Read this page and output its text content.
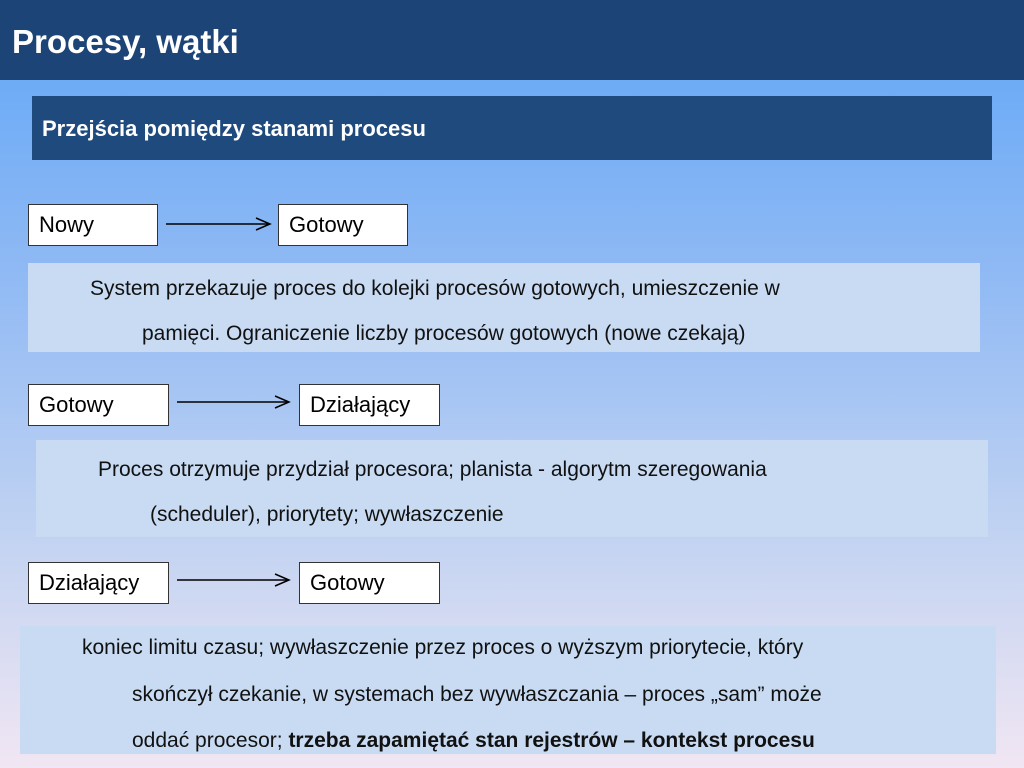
Procesy, wątki
Przejścia pomiędzy stanami procesu
Nowy	Gotowy
System przekazuje proces do kolejki procesów gotowych, umieszczenie w
pamięci. Ograniczenie liczby procesów gotowych (nowe czekają)
Gotowy	Działający
Proces otrzymuje przydział procesora; planista - algorytm szeregowania
(scheduler), priorytety; wywłaszczenie
Działający	Gotowy
koniec limitu czasu; wywłaszczenie przez proces o wyższym priorytecie, który
skończył czekanie, w systemach bez wywłaszczania – proces „sam” może
oddać procesor; trzeba zapamiętać stan rejestrów – kontekst procesu
